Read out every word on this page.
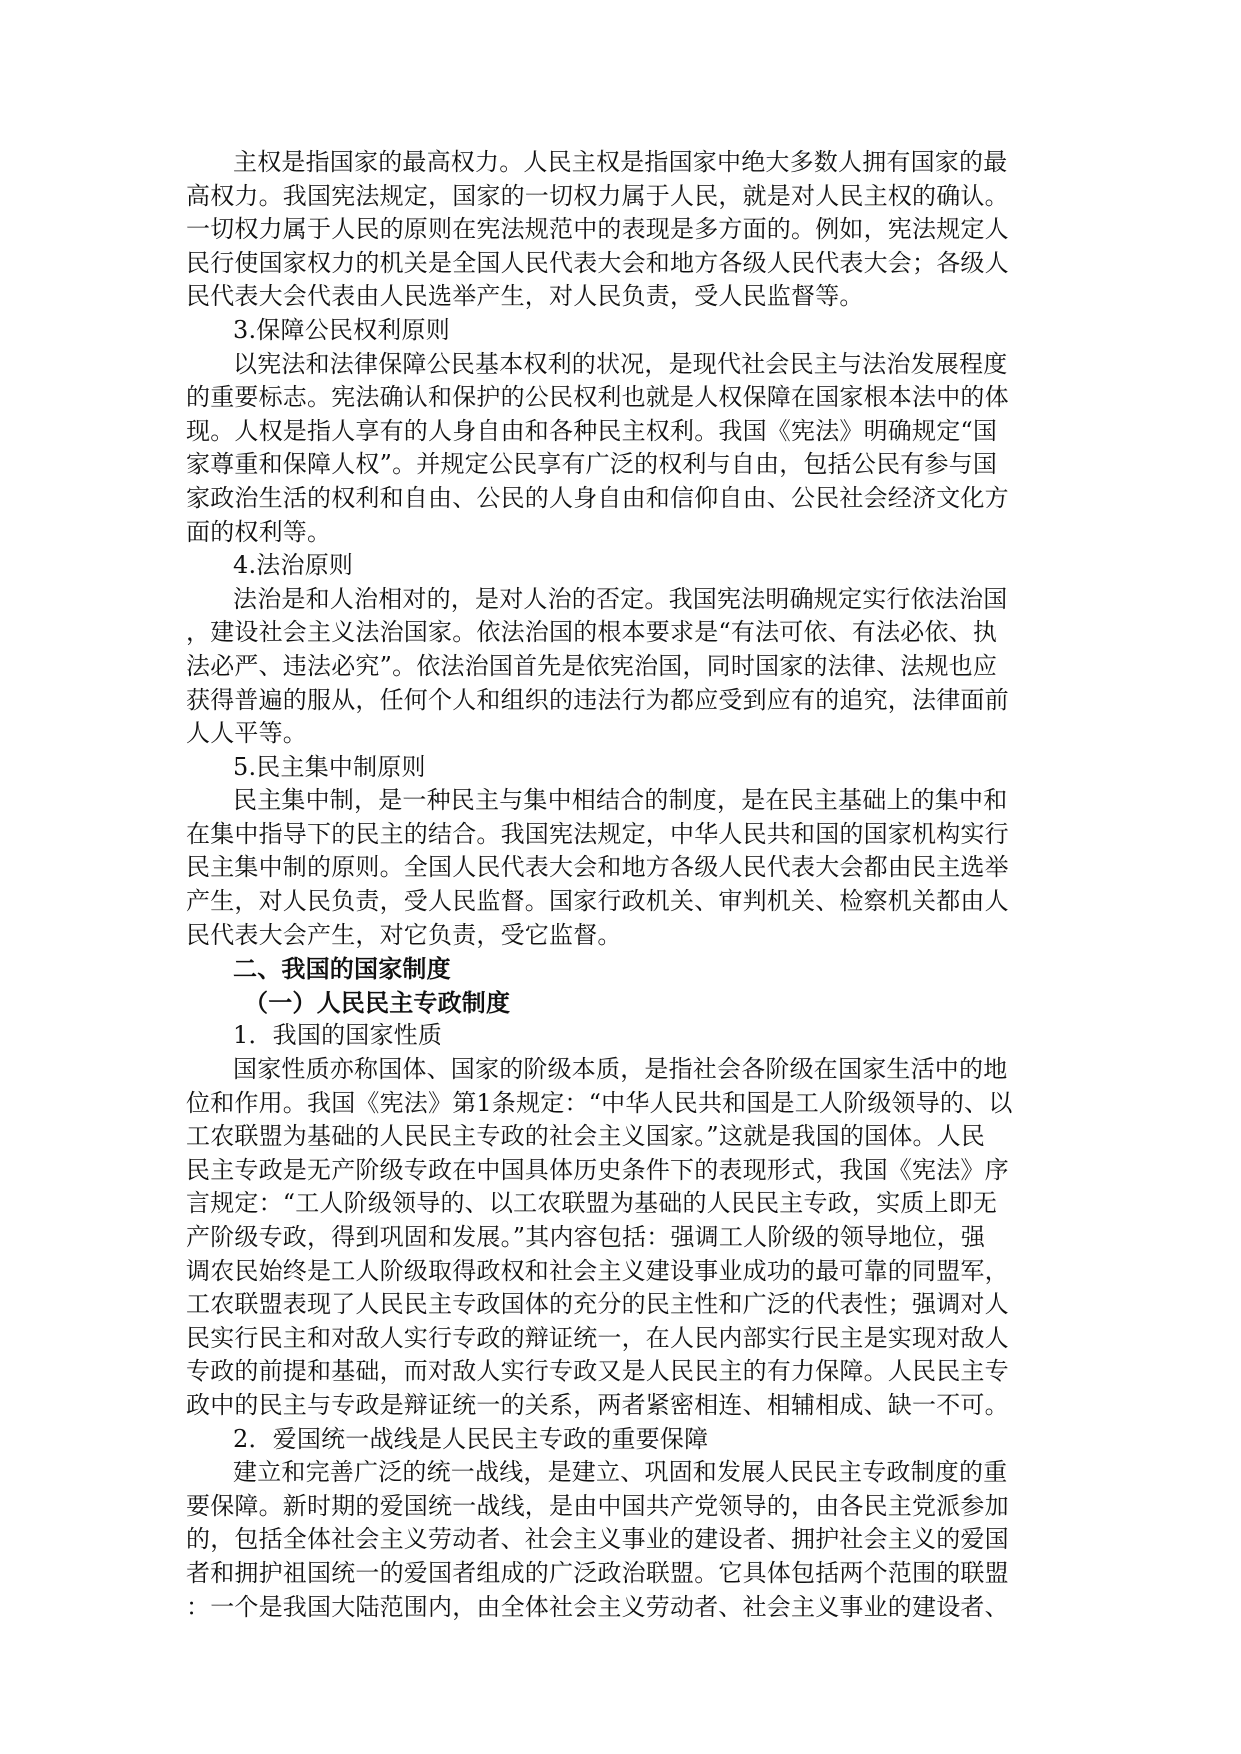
主权是指国家的最高权力。人民主权是指国家中绝大多数人拥有国家的最
高权力。我国宪法规定，国家的一切权力属于人民，就是对人民主权的确认。
一切权力属于人民的原则在宪法规范中的表现是多方面的。例如，宪法规定人
民行使国家权力的机关是全国人民代表大会和地方各级人民代表大会；各级人
民代表大会代表由人民选举产生，对人民负责，受人民监督等。
3.保障公民权利原则
以宪法和法律保障公民基本权利的状况，是现代社会民主与法治发展程度
的重要标志。宪法确认和保护的公民权利也就是人权保障在国家根本法中的体
现。人权是指人享有的人身自由和各种民主权利。我国《宪法》明确规定“国
家尊重和保障人权”。并规定公民享有广泛的权利与自由，包括公民有参与国
家政治生活的权利和自由、公民的人身自由和信仰自由、公民社会经济文化方
面的权利等。
4.法治原则
法治是和人治相对的，是对人治的否定。我国宪法明确规定实行依法治国
，建设社会主义法治国家。依法治国的根本要求是“有法可依、有法必依、执
法必严、违法必究”。依法治国首先是依宪治国，同时国家的法律、法规也应
获得普遍的服从，任何个人和组织的违法行为都应受到应有的追究，法律面前
人人平等。
5.民主集中制原则
民主集中制，是一种民主与集中相结合的制度，是在民主基础上的集中和
在集中指导下的民主的结合。我国宪法规定，中华人民共和国的国家机构实行
民主集中制的原则。全国人民代表大会和地方各级人民代表大会都由民主选举
产生，对人民负责，受人民监督。国家行政机关、审判机关、检察机关都由人
民代表大会产生，对它负责，受它监督。
二、我国的国家制度
（一）人民民主专政制度
1．我国的国家性质
国家性质亦称国体、国家的阶级本质，是指社会各阶级在国家生活中的地
位和作用。我国《宪法》第1条规定：“中华人民共和国是工人阶级领导的、以
工农联盟为基础的人民民主专政的社会主义国家。”这就是我国的国体。人民
民主专政是无产阶级专政在中国具体历史条件下的表现形式，我国《宪法》序
言规定：“工人阶级领导的、以工农联盟为基础的人民民主专政，实质上即无
产阶级专政，得到巩固和发展。”其内容包括：强调工人阶级的领导地位，强
调农民始终是工人阶级取得政权和社会主义建设事业成功的最可靠的同盟军，
工农联盟表现了人民民主专政国体的充分的民主性和广泛的代表性；强调对人
民实行民主和对敌人实行专政的辩证统一，在人民内部实行民主是实现对敌人
专政的前提和基础，而对敌人实行专政又是人民民主的有力保障。人民民主专
政中的民主与专政是辩证统一的关系，两者紧密相连、相辅相成、缺一不可。
2．爱国统一战线是人民民主专政的重要保障
建立和完善广泛的统一战线，是建立、巩固和发展人民民主专政制度的重
要保障。新时期的爱国统一战线，是由中国共产党领导的，由各民主党派参加
的，包括全体社会主义劳动者、社会主义事业的建设者、拥护社会主义的爱国
者和拥护祖国统一的爱国者组成的广泛政治联盟。它具体包括两个范围的联盟
：一个是我国大陆范围内，由全体社会主义劳动者、社会主义事业的建设者、
